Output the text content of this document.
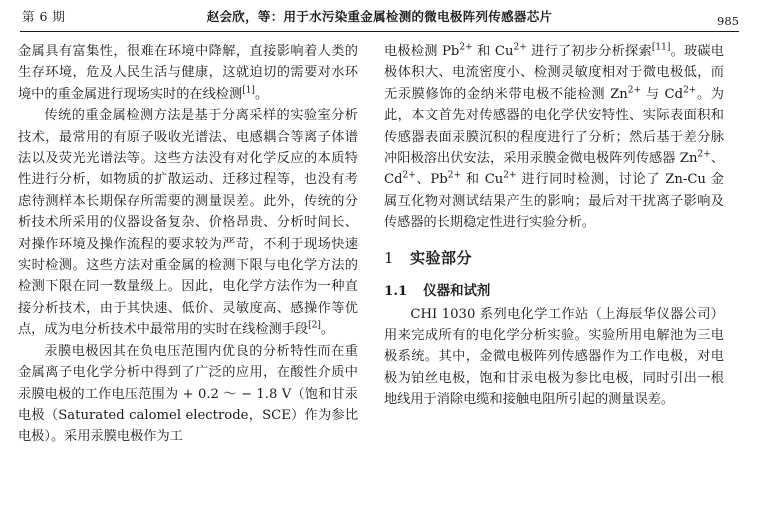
第 6 期	赵会欣，等：用于水污染重金属检测的微电极阵列传感器芯片	985

金属具有富集性，很难在环境中降解，直接影响着人类的生存环境，危及人民生活与健康，这就迫切的需要对水环境中的重金属进行现场实时的在线检测[1]。

传统的重金属检测方法是基于分离采样的实验室分析技术，最常用的有原子吸收光谱法、电感耦合等离子体谱法以及荧光光谱法等。这些方法没有对化学反应的本质特性进行分析，如物质的扩散运动、迁移过程等，也没有考虑待测样本长期保存所需要的测量误差。此外，传统的分析技术所采用的仪器设备复杂、价格昂贵、分析时间长、对操作环境及操作流程的要求较为严苛，不利于现场快速实时检测。这些方法对重金属的检测下限与电化学方法的检测下限在同一数量级上。因此，电化学方法作为一种直接分析技术，由于其快速、低价、灵敏度高、感操作等优点，成为电分析技术中最常用的实时在线检测手段[2]。

汞膜电极因其在负电压范围内优良的分析特性而在重金属离子电化学分析中得到了广泛的应用，在酸性介质中汞膜电极的工作电压范围为 + 0.2 ～ − 1.8 V（饱和甘汞电极（Saturated calomel electrode，SCE）作为参比电极）。采用汞膜电极作为工

电极检测 $Pb^{2+}$ 和 $Cu^{2+}$ 进行了初步分析探索[11]。玻碳电极体积大、电流密度小、检测灵敏度相对于微电极低，而无汞膜修饰的金纳米带电极不能检测 $Zn^{2+}$ 与 $Cd^{2+}$。为此，本文首先对传感器的电化学伏安特性、实际表面积和传感器表面汞膜沉积的程度进行了分析；然后基于差分脉冲阳极溶出伏安法，采用汞膜金微电极阵列传感器 $Zn^{2+}$、$Cd^{2+}$、$Pb^{2+}$ 和 $Cu^{2+}$ 进行同时检测，讨论了 Zn-Cu 金属互化物对测试结果产生的影响；最后对干扰离子影响及传感器的长期稳定性进行实验分析。

1 实验部分
1.1 仪器和试剂

CHI 1030 系列电化学工作站（上海辰华仪器公司）用来完成所有的电化学分析实验。实验所用电解池为三电极系统。其中，金微电极阵列传感器作为工作电极，对电极为铂丝电极，饱和甘汞电极为参比电极，同时引出一根地线用于消除电缆和接触电阻所引起的测量误差。
